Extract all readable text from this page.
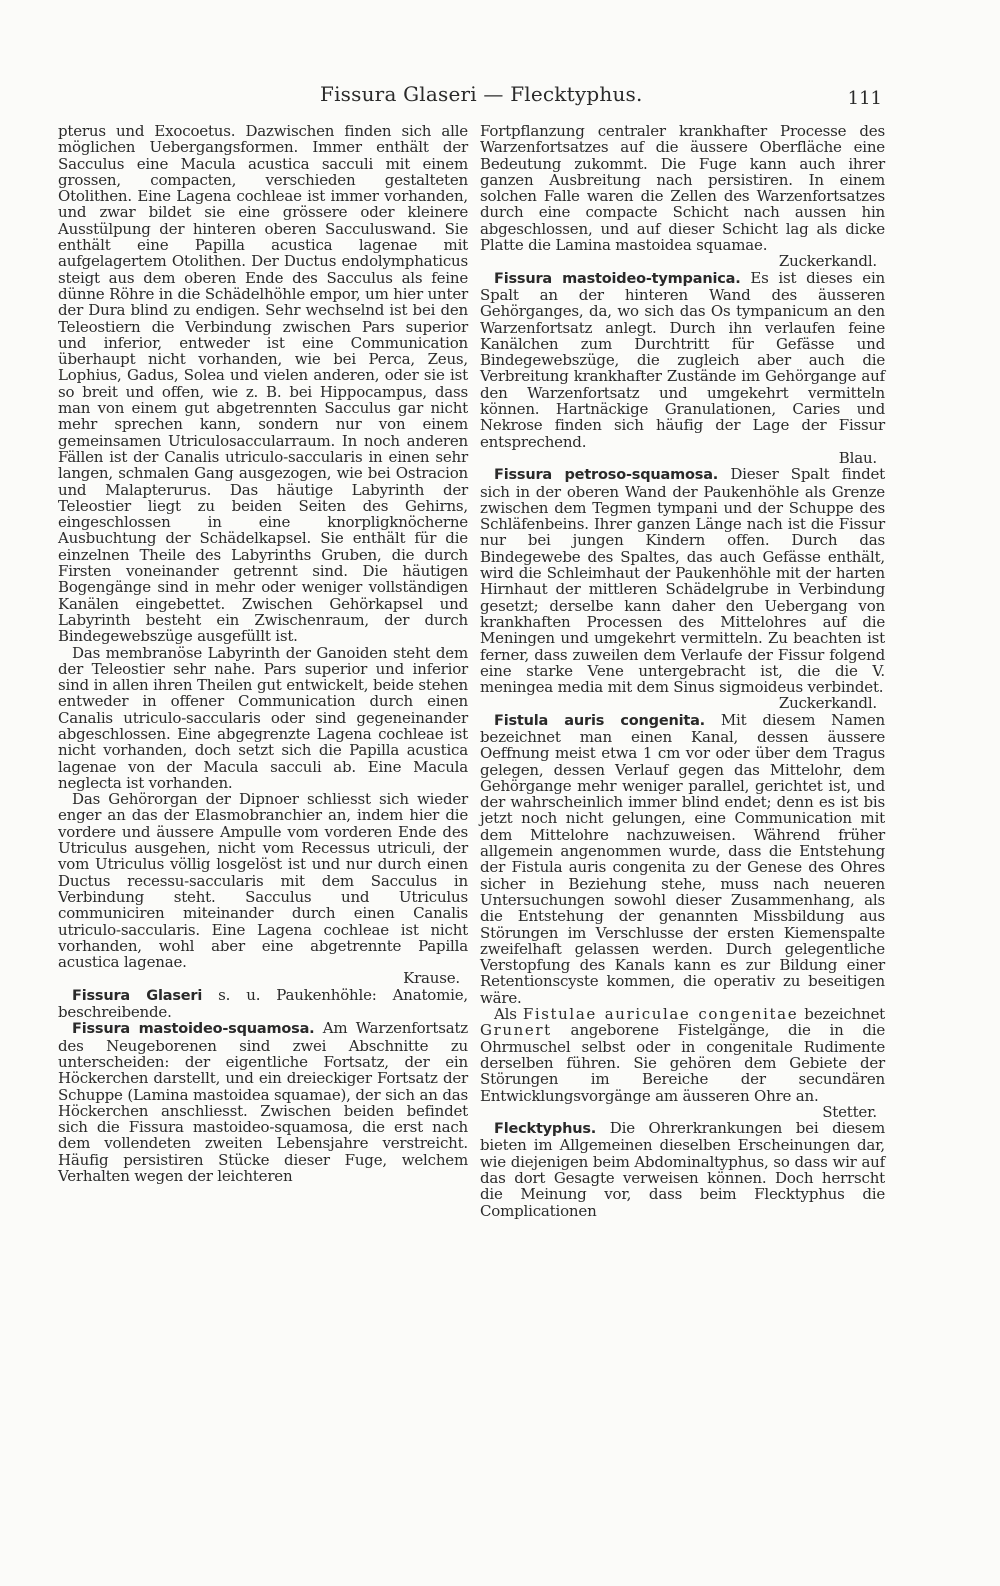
Fissura Glaseri — Flecktyphus.	111

pterus und Exocoetus. Dazwischen finden sich alle möglichen Uebergangsformen. Immer enthält der Sacculus eine Macula acustica sacculi mit einem grossen, compacten, verschieden gestalteten Otolithen. Eine Lagena cochleae ist immer vorhanden, und zwar bildet sie eine grössere oder kleinere Ausstülpung der hinteren oberen Sacculuswand. Sie enthält eine Papilla acustica lagenae mit aufgelagertem Otolithen. Der Ductus endolymphaticus steigt aus dem oberen Ende des Sacculus als feine dünne Röhre in die Schädelhöhle empor, um hier unter der Dura blind zu endigen. Sehr wechselnd ist bei den Teleostiern die Verbindung zwischen Pars superior und inferior, entweder ist eine Communication überhaupt nicht vorhanden, wie bei Perca, Zeus, Lophius, Gadus, Solea und vielen anderen, oder sie ist so breit und offen, wie z. B. bei Hippocampus, dass man von einem gut abgetrennten Sacculus gar nicht mehr sprechen kann, sondern nur von einem gemeinsamen Utriculosaccularraum. In noch anderen Fällen ist der Canalis utriculo-saccularis in einen sehr langen, schmalen Gang ausgezogen, wie bei Ostracion und Malapterurus. Das häutige Labyrinth der Teleostier liegt zu beiden Seiten des Gehirns, eingeschlossen in eine knorpligknöcherne Ausbuchtung der Schädelkapsel. Sie enthält für die einzelnen Theile des Labyrinths Gruben, die durch Firsten voneinander getrennt sind. Die häutigen Bogengänge sind in mehr oder weniger vollständigen Kanälen eingebettet. Zwischen Gehörkapsel und Labyrinth besteht ein Zwischenraum, der durch Bindegewebszüge ausgefüllt ist.

Das membranöse Labyrinth der Ganoiden steht dem der Teleostier sehr nahe. Pars superior und inferior sind in allen ihren Theilen gut entwickelt, beide stehen entweder in offener Communication durch einen Canalis utriculo-saccularis oder sind gegeneinander abgeschlossen. Eine abgegrenzte Lagena cochleae ist nicht vorhanden, doch setzt sich die Papilla acustica lagenae von der Macula sacculi ab. Eine Macula neglecta ist vorhanden.

Das Gehörorgan der Dipnoer schliesst sich wieder enger an das der Elasmobranchier an, indem hier die vordere und äussere Ampulle vom vorderen Ende des Utriculus ausgehen, nicht vom Recessus utriculi, der vom Utriculus völlig losgelöst ist und nur durch einen Ductus recessu-saccularis mit dem Sacculus in Verbindung steht. Sacculus und Utriculus communiciren miteinander durch einen Canalis utriculo-saccularis. Eine Lagena cochleae ist nicht vorhanden, wohl aber eine abgetrennte Papilla acustica lagenae.

Krause.

Fissura Glaseri s. u. Paukenhöhle: Anatomie, beschreibende.

Fissura mastoideo-squamosa. Am Warzenfortsatz des Neugeborenen sind zwei Abschnitte zu unterscheiden: der eigentliche Fortsatz, der ein Höckerchen darstellt, und ein dreieckiger Fortsatz der Schuppe (Lamina mastoidea squamae), der sich an das Höckerchen anschliesst. Zwischen beiden befindet sich die Fissura mastoideo-squamosa, die erst nach dem vollendeten zweiten Lebensjahre verstreicht. Häufig persistiren Stücke dieser Fuge, welchem Verhalten wegen der leichteren

Fortpflanzung centraler krankhafter Processe des Warzenfortsatzes auf die äussere Oberfläche eine Bedeutung zukommt. Die Fuge kann auch ihrer ganzen Ausbreitung nach persistiren. In einem solchen Falle waren die Zellen des Warzenfortsatzes durch eine compacte Schicht nach aussen hin abgeschlossen, und auf dieser Schicht lag als dicke Platte die Lamina mastoidea squamae.

Zuckerkandl.

Fissura mastoideo-tympanica. Es ist dieses ein Spalt an der hinteren Wand des äusseren Gehörganges, da, wo sich das Os tympanicum an den Warzenfortsatz anlegt. Durch ihn verlaufen feine Kanälchen zum Durchtritt für Gefässe und Bindegewebszüge, die zugleich aber auch die Verbreitung krankhafter Zustände im Gehörgange auf den Warzenfortsatz und umgekehrt vermitteln können. Hartnäckige Granulationen, Caries und Nekrose finden sich häufig der Lage der Fissur entsprechend.

Blau.

Fissura petroso-squamosa. Dieser Spalt findet sich in der oberen Wand der Paukenhöhle als Grenze zwischen dem Tegmen tympani und der Schuppe des Schläfenbeins. Ihrer ganzen Länge nach ist die Fissur nur bei jungen Kindern offen. Durch das Bindegewebe des Spaltes, das auch Gefässe enthält, wird die Schleimhaut der Paukenhöhle mit der harten Hirnhaut der mittleren Schädelgrube in Verbindung gesetzt; derselbe kann daher den Uebergang von krankhaften Processen des Mittelohres auf die Meningen und umgekehrt vermitteln. Zu beachten ist ferner, dass zuweilen dem Verlaufe der Fissur folgend eine starke Vene untergebracht ist, die die V. meningea media mit dem Sinus sigmoideus verbindet.

Zuckerkandl.

Fistula auris congenita. Mit diesem Namen bezeichnet man einen Kanal, dessen äussere Oeffnung meist etwa 1 cm vor oder über dem Tragus gelegen, dessen Verlauf gegen das Mittelohr, dem Gehörgange mehr weniger parallel, gerichtet ist, und der wahrscheinlich immer blind endet; denn es ist bis jetzt noch nicht gelungen, eine Communication mit dem Mittelohre nachzuweisen. Während früher allgemein angenommen wurde, dass die Entstehung der Fistula auris congenita zu der Genese des Ohres sicher in Beziehung stehe, muss nach neueren Untersuchungen sowohl dieser Zusammenhang, als die Entstehung der genannten Missbildung aus Störungen im Verschlusse der ersten Kiemenspalte zweifelhaft gelassen werden. Durch gelegentliche Verstopfung des Kanals kann es zur Bildung einer Retentionscyste kommen, die operativ zu beseitigen wäre.

Als Fistulae auriculae congenitae bezeichnet Grunert angeborene Fistelgänge, die in die Ohrmuschel selbst oder in congenitale Rudimente derselben führen. Sie gehören dem Gebiete der Störungen im Bereiche der secundären Entwicklungsvorgänge am äusseren Ohre an.

Stetter.

Flecktyphus. Die Ohrerkrankungen bei diesem bieten im Allgemeinen dieselben Erscheinungen dar, wie diejenigen beim Abdominaltyphus, so dass wir auf das dort Gesagte verweisen können. Doch herrscht die Meinung vor, dass beim Flecktyphus die Complicationen
